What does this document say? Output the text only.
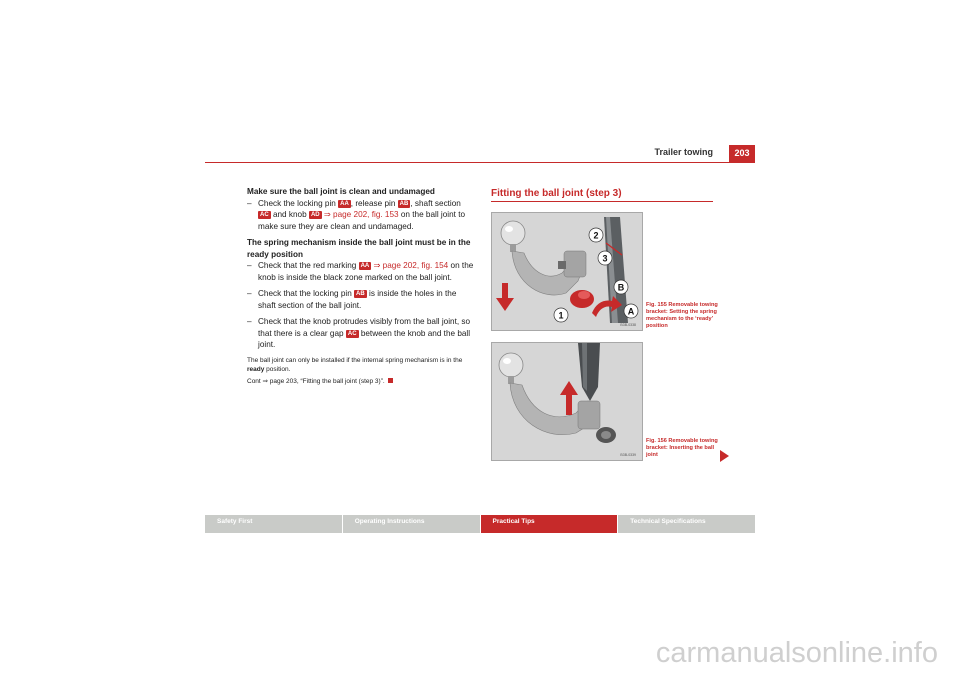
Trailer towing	203

Make sure the ball joint is clean and undamaged

– Check the locking pin AA , release pin AB , shaft section AC and knob AD ⇒ page 202, fig. 153 on the ball joint to make sure they are clean and undamaged.

The spring mechanism inside the ball joint must be in the ready position

– Check that the red marking AA ⇒ page 202, fig. 154 on the knob is inside the black zone marked on the ball joint.

– Check that the locking pin AB is inside the holes in the shaft section of the ball joint.

– Check that the knob protrudes visibly from the ball joint, so that there is a clear gap AC between the knob and the ball joint.

The ball joint can only be installed if the internal spring mechanism is in the ready position.

Cont ⇒ page 203, “Fitting the ball joint (step 3)”.

Fitting the ball joint (step 3)
2
3
B
A
1
B3B-0338
Fig. 155 Removable towing bracket: Setting the spring mechanism to the ‘ready’ position
B3B-0339
Fig. 156 Removable towing bracket: Inserting the ball joint
Safety First	Operating Instructions	Practical Tips	Technical Specifications
carmanualsonline.info
